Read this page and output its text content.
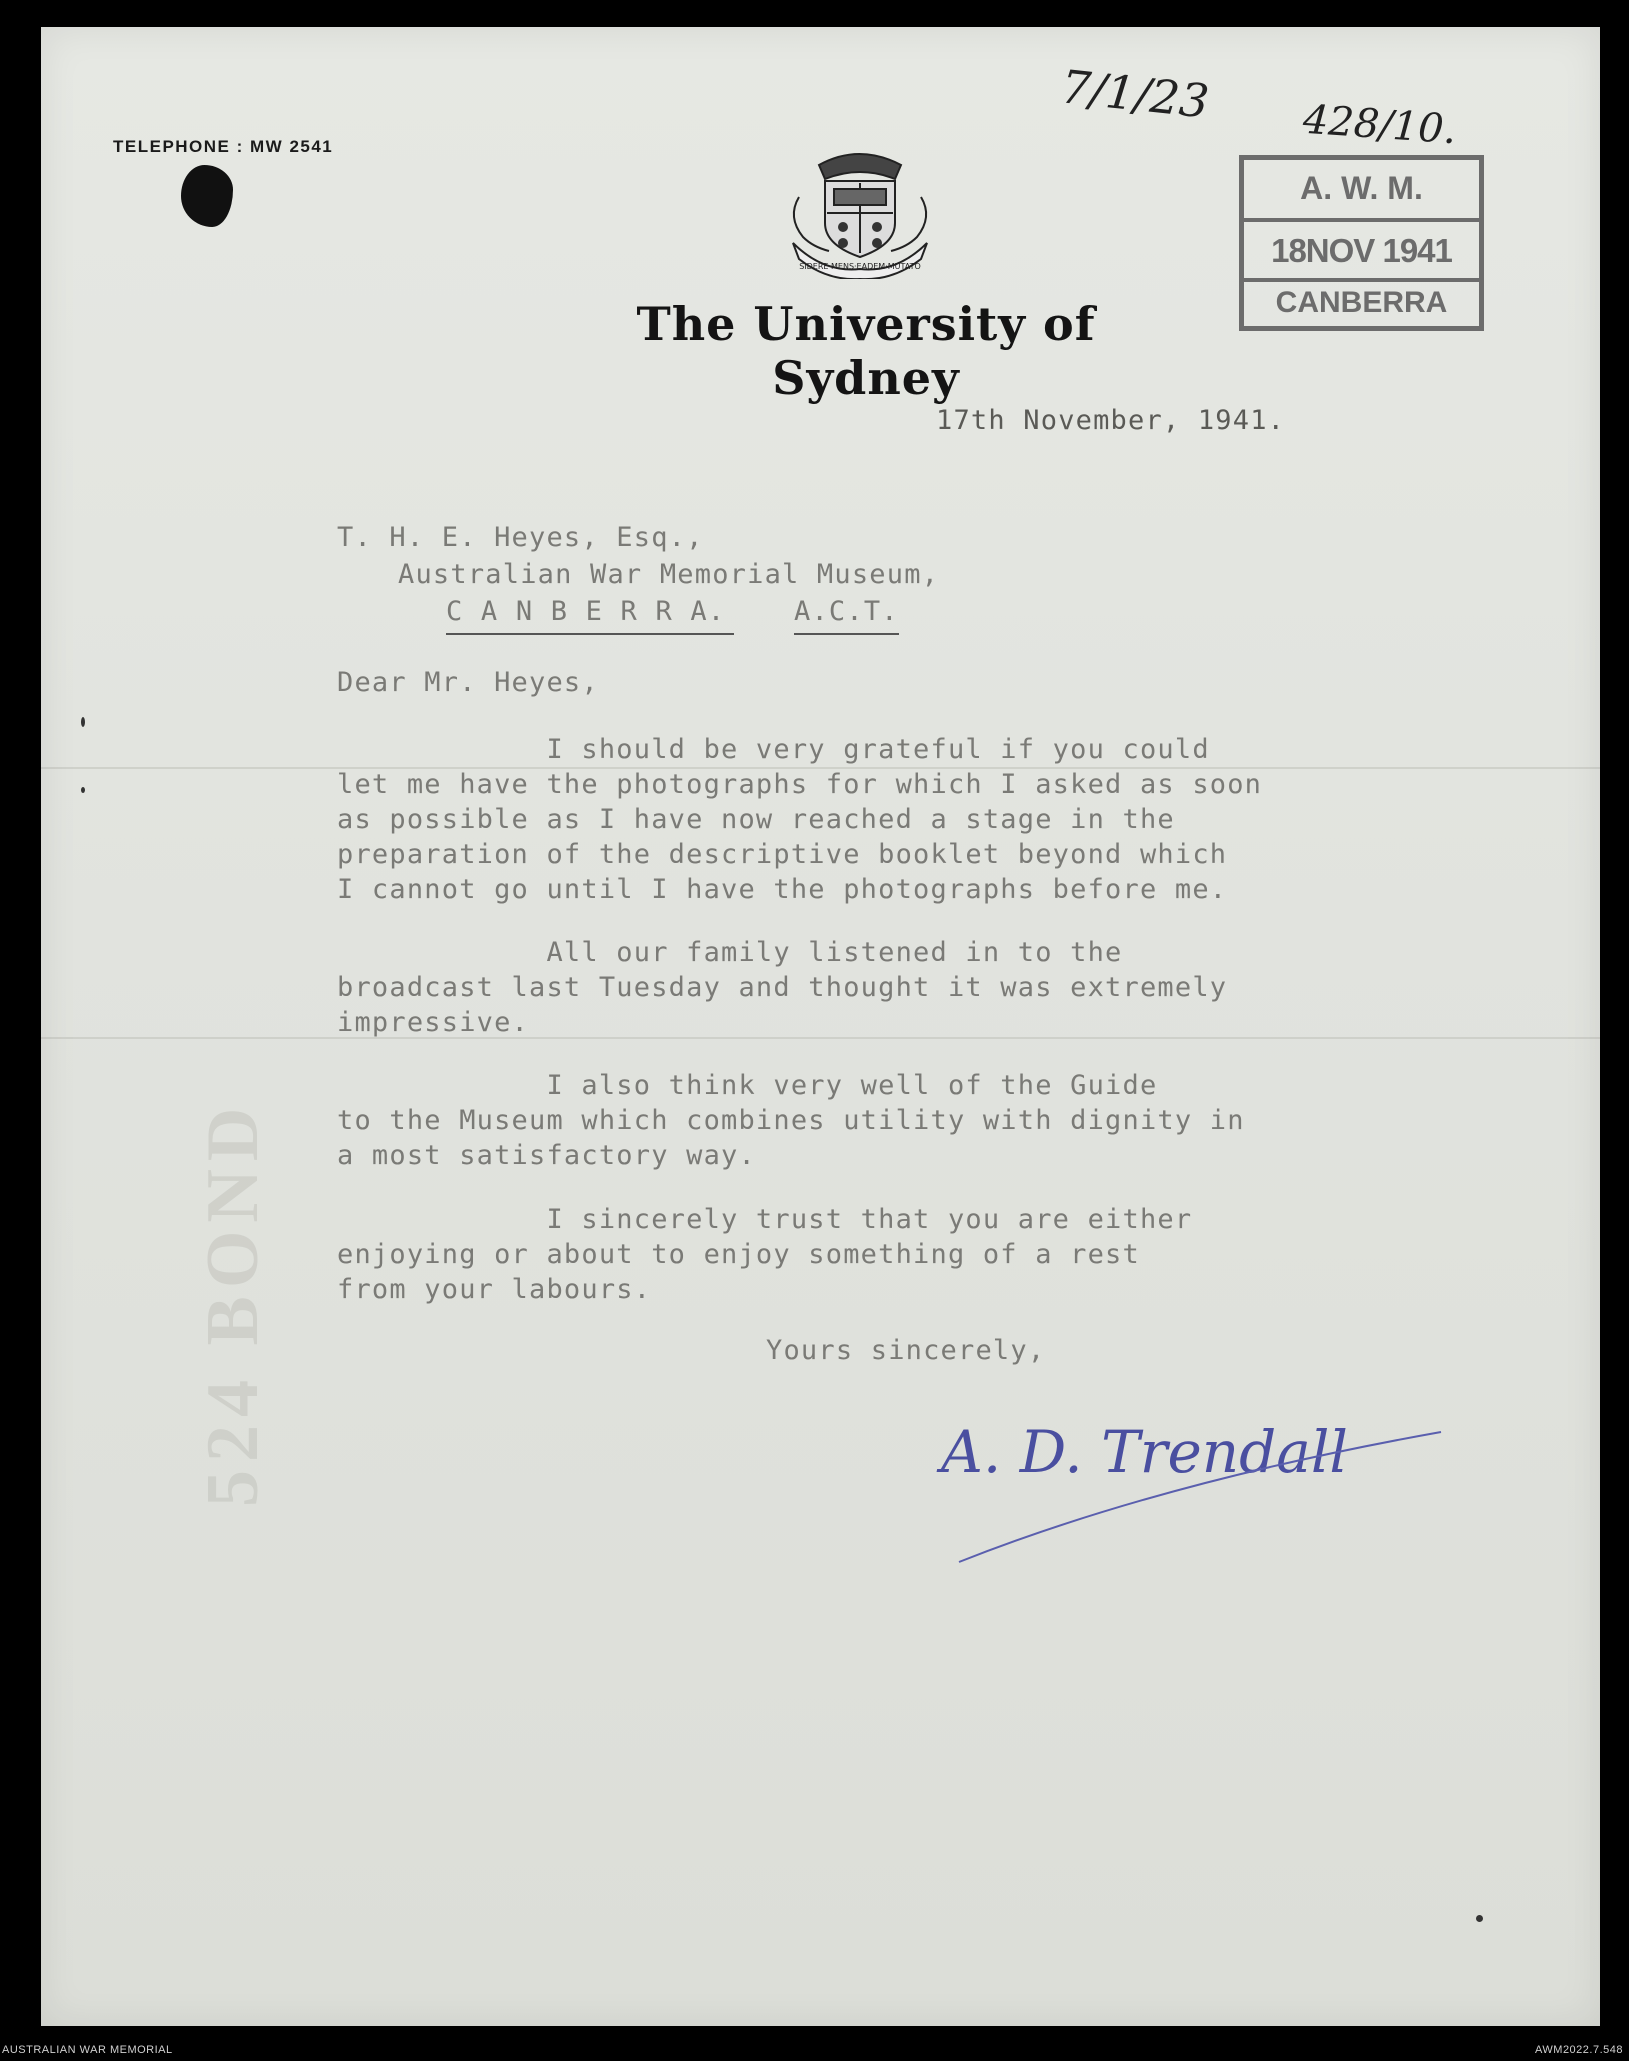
524 BOND
TELEPHONE : MW 2541
SIDERE·MENS·EADEM·MUTATO
The University of Sydney
7/1/23 428/10.
A. W. M.
18NOV 1941
CANBERRA
17th November, 1941.
T. H. E. Heyes, Esq.,
Australian War Memorial Museum,
C A N B E R R A.	A.C.T.
Dear Mr. Heyes,
I should be very grateful if you could
let me have the photographs for which I asked as soon
as possible as I have now reached a stage in the
preparation of the descriptive booklet beyond which
I cannot go until I have the photographs before me.
All our family listened in to the
broadcast last Tuesday and thought it was extremely
impressive.
I also think very well of the Guide
to the Museum which combines utility with dignity in
a most satisfactory way.
I sincerely trust that you are either
enjoying or about to enjoy something of a rest
from your labours.
Yours sincerely,
A. D. Trendall
AUSTRALIAN WAR MEMORIAL	AWM2022.7.548
